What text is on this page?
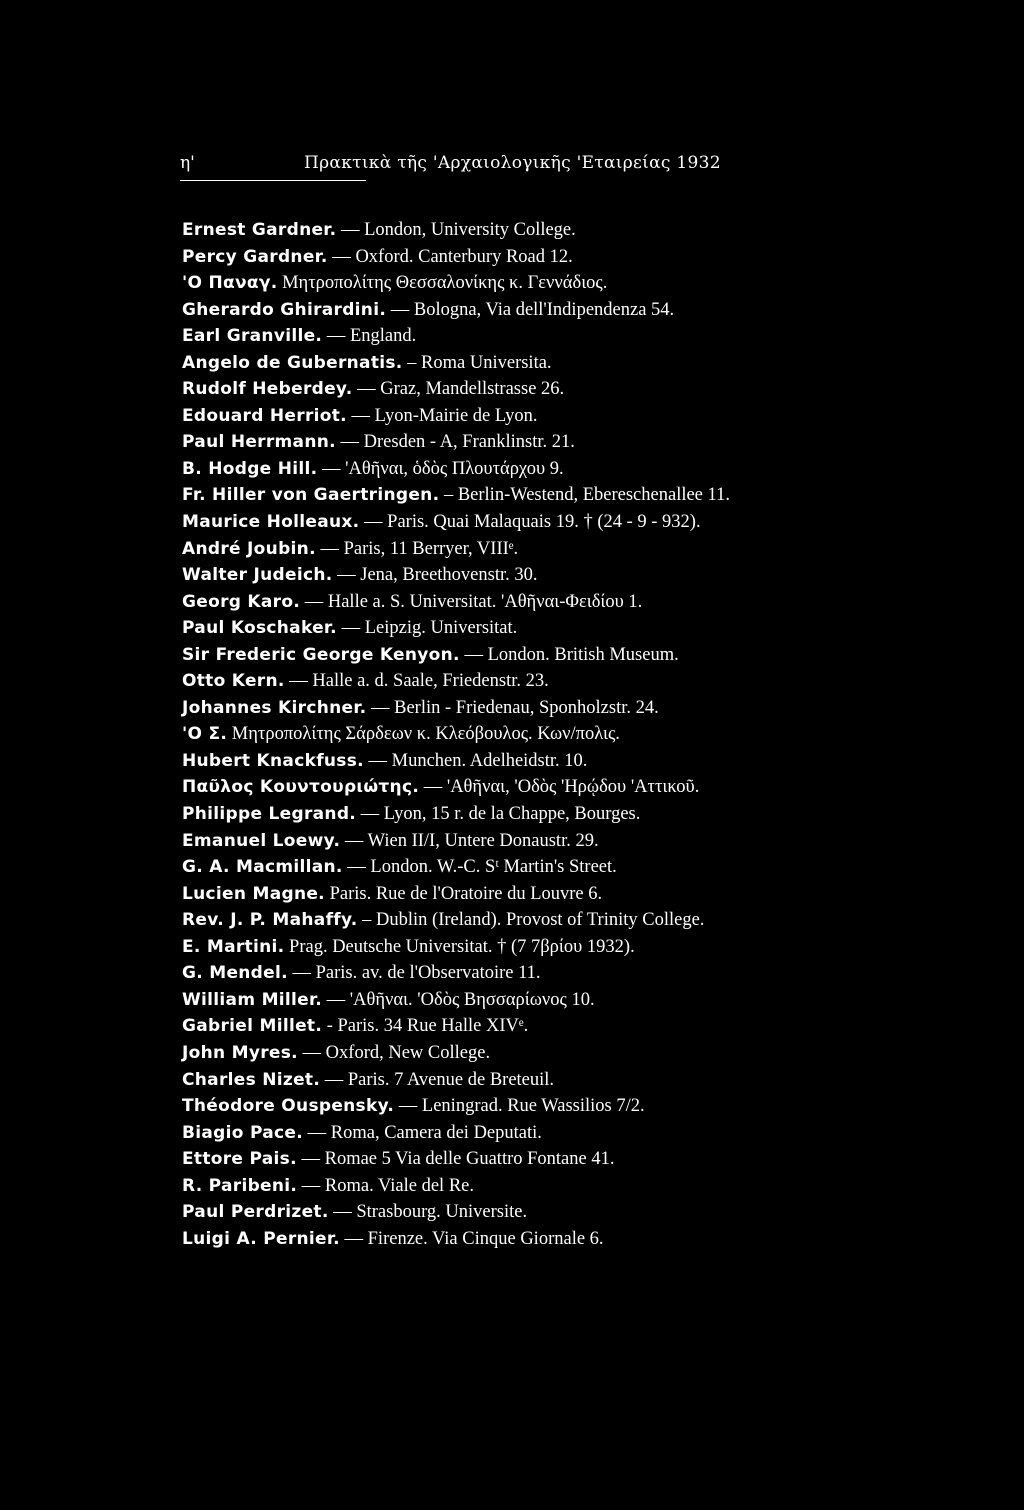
η'	Πρακτικὰ τῆς 'Αρχαιολογικῆς 'Εταιρείας 1932
Ernest Gardner. — London, University College.
Percy Gardner. — Oxford. Canterbury Road 12.
'Ο Παναγ. Μητροπολίτης Θεσσαλονίκης κ. Γεννάδιος.
Gherardo Ghirardini. — Bologna, Via dell'Indipendenza 54.
Earl Granville. — England.
Angelo de Gubernatis. – Roma Universita.
Rudolf Heberdey. — Graz, Mandellstrasse 26.
Edouard Herriot. — Lyon-Mairie de Lyon.
Paul Herrmann. — Dresden - A, Franklinstr. 21.
B. Hodge Hill. — 'Αθῆναι, ὁδὸς Πλουτάρχου 9.
Fr. Hiller von Gaertringen. – Berlin-Westend, Ebereschenallee 11.
Maurice Holleaux. — Paris. Quai Malaquais 19. † (24 - 9 - 932).
André Joubin. — Paris, 11 Berryer, VIIIᵉ.
Walter Judeich. — Jena, Breethovenstr. 30.
Georg Karo. — Halle a. S. Universitat. 'Αθῆναι-Φειδίου 1.
Paul Koschaker. — Leipzig. Universitat.
Sir Frederic George Kenyon. — London. British Museum.
Otto Kern. — Halle a. d. Saale, Friedenstr. 23.
Johannes Kirchner. — Berlin - Friedenau, Sponholzstr. 24.
'Ο Σ. Μητροπολίτης Σάρδεων κ. Κλεόβουλος. Κων/πολις.
Hubert Knackfuss. — Munchen. Adelheidstr. 10.
Παῦλος Κουντουριώτης. — 'Αθῆναι, 'Οδὸς 'Ηρῴδου 'Αττικοῦ.
Philippe Legrand. — Lyon, 15 r. de la Chappe, Bourges.
Emanuel Loewy. — Wien II/I, Untere Donaustr. 29.
G. A. Macmillan. — London. W.-C. Sᵗ Martin's Street.
Lucien Magne. Paris. Rue de l'Oratoire du Louvre 6.
Rev. J. P. Mahaffy. – Dublin (Ireland). Provost of Trinity College.
E. Martini. Prag. Deutsche Universitat. † (7 7βρίου 1932).
G. Mendel. — Paris. av. de l'Observatoire 11.
William Miller. — 'Αθῆναι. 'Οδὸς Βησσαρίωνος 10.
Gabriel Millet. - Paris. 34 Rue Halle XIVᵉ.
John Myres. — Oxford, New College.
Charles Nizet. — Paris. 7 Avenue de Breteuil.
Théodore Ouspensky. — Leningrad. Rue Wassilios 7/2.
Biagio Pace. — Roma, Camera dei Deputati.
Ettore Pais. — Romae 5 Via delle Guattro Fontane 41.
R. Paribeni. — Roma. Viale del Re.
Paul Perdrizet. — Strasbourg. Universite.
Luigi A. Pernier. — Firenze. Via Cinque Giornale 6.
